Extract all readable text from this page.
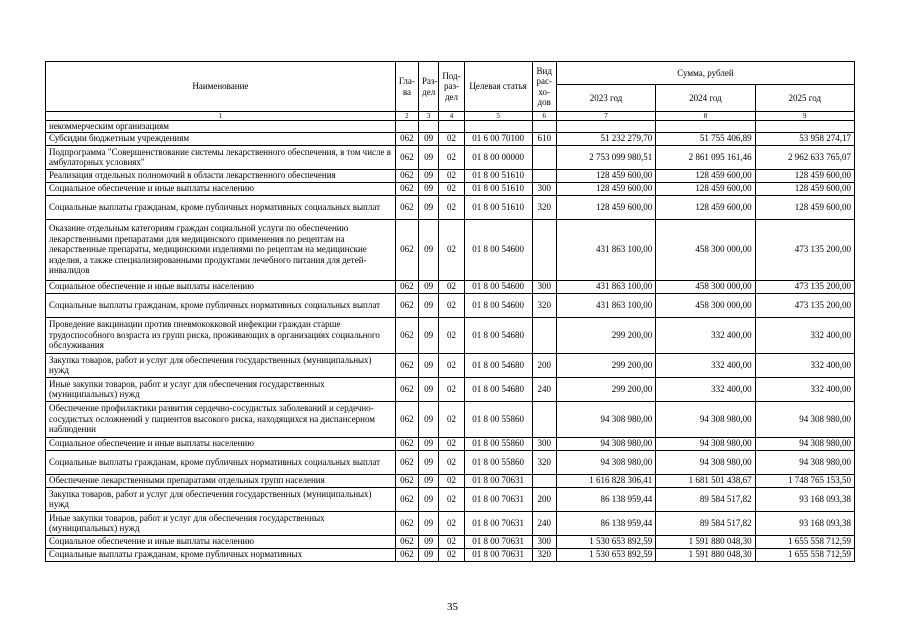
Наименование	Гла-ва	Раз-дел	Под-раз-дел	Целевая статья	Вид рас-хо-дов	Сумма, рублей		
						2023 год	2024 год	2025 год
1	2	3	4	5	6	7	8	9
некоммерческим организациям								
Субсидии бюджетным учреждениям	062	09	02	01 6 00 70100	610	51 232 279,70	51 755 406,89	53 958 274,17
Подпрограмма "Совершенствование системы лекарственного обеспечения, в том числе в амбулаторных условиях"	062	09	02	01 8 00 00000		2 753 099 980,51	2 861 095 161,46	2 962 633 765,07
Реализация отдельных полномочий в области лекарственного обеспечения	062	09	02	01 8 00 51610		128 459 600,00	128 459 600,00	128 459 600,00
Социальное обеспечение и иные выплаты населению	062	09	02	01 8 00 51610	300	128 459 600,00	128 459 600,00	128 459 600,00
Социальные выплаты гражданам, кроме публичных нормативных социальных выплат	062	09	02	01 8 00 51610	320	128 459 600,00	128 459 600,00	128 459 600,00
Оказание отдельным категориям граждан социальной услуги по обеспечению лекарственными препаратами для медицинского применения по рецептам на лекарственные препараты, медицинскими изделиями по рецептам на медицинские изделия, а также специализированными продуктами лечебного питания для детей-инвалидов	062	09	02	01 8 00 54600		431 863 100,00	458 300 000,00	473 135 200,00
Социальное обеспечение и иные выплаты населению	062	09	02	01 8 00 54600	300	431 863 100,00	458 300 000,00	473 135 200,00
Социальные выплаты гражданам, кроме публичных нормативных социальных выплат	062	09	02	01 8 00 54600	320	431 863 100,00	458 300 000,00	473 135 200,00
Проведение вакцинации против пневмококковой инфекции граждан старше трудоспособного возраста из групп риска, проживающих в организациях социального обслуживания	062	09	02	01 8 00 54680		299 200,00	332 400,00	332 400,00
Закупка товаров, работ и услуг для обеспечения государственных (муниципальных) нужд	062	09	02	01 8 00 54680	200	299 200,00	332 400,00	332 400,00
Иные закупки товаров, работ и услуг для обеспечения государственных (муниципальных) нужд	062	09	02	01 8 00 54680	240	299 200,00	332 400,00	332 400,00
Обеспечение профилактики развития сердечно-сосудистых заболеваний и сердечно-сосудистых осложнений у пациентов высокого риска, находящихся на диспансерном наблюдении	062	09	02	01 8 00 55860		94 308 980,00	94 308 980,00	94 308 980,00
Социальное обеспечение и иные выплаты населению	062	09	02	01 8 00 55860	300	94 308 980,00	94 308 980,00	94 308 980,00
Социальные выплаты гражданам, кроме публичных нормативных социальных выплат	062	09	02	01 8 00 55860	320	94 308 980,00	94 308 980,00	94 308 980,00
Обеспечение лекарственными препаратами отдельных групп населения	062	09	02	01 8 00 70631		1 616 828 306,41	1 681 501 438,67	1 748 765 153,50
Закупка товаров, работ и услуг для обеспечения государственных (муниципальных) нужд	062	09	02	01 8 00 70631	200	86 138 959,44	89 584 517,82	93 168 093,38
Иные закупки товаров, работ и услуг для обеспечения государственных (муниципальных) нужд	062	09	02	01 8 00 70631	240	86 138 959,44	89 584 517,82	93 168 093,38
Социальное обеспечение и иные выплаты населению	062	09	02	01 8 00 70631	300	1 530 653 892,59	1 591 880 048,30	1 655 558 712,59
Социальные выплаты гражданам, кроме публичных нормативных	062	09	02	01 8 00 70631	320	1 530 653 892,59	1 591 880 048,30	1 655 558 712,59
35
